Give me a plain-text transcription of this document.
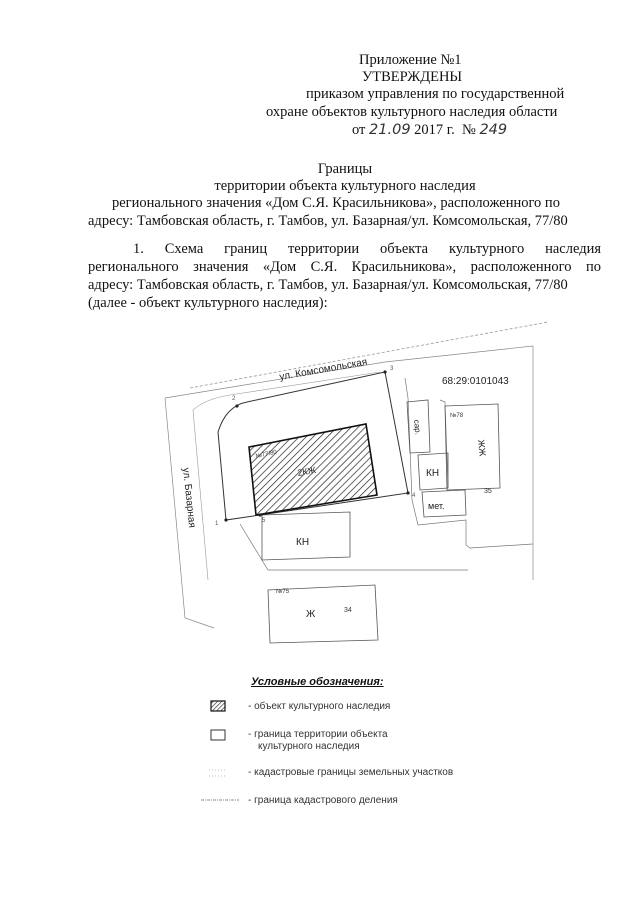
Приложение №1
УТВЕРЖДЕНЫ
приказом управления по государственной
охране объектов культурного наследия области
от 21.09 2017 г. № 249
Границы
территории объекта культурного наследия
регионального значения «Дом С.Я. Красильникова», расположенного по
адресу: Тамбовская область, г. Тамбов, ул. Базарная/ул. Комсомольская, 77/80
1. Схема границ территории объекта культурного наследия
регионального значения «Дом С.Я. Красильникова», расположенного по
адресу: Тамбовская область, г. Тамбов, ул. Базарная/ул. Комсомольская, 77/80
(далее - объект культурного наследия):
1
2
3
4
5
ул. Комсомольская
ул. Базарная
68:29:0101043
№77/80
2КЖ
КН
КН
сар.
мет.
ЖЖ
№78
35
№75
Ж	34
Условные обозначения:
- объект культурного наследия
- граница территории объекта
культурного наследия
- кадастровые границы земельных участков
- граница кадастрового деления
